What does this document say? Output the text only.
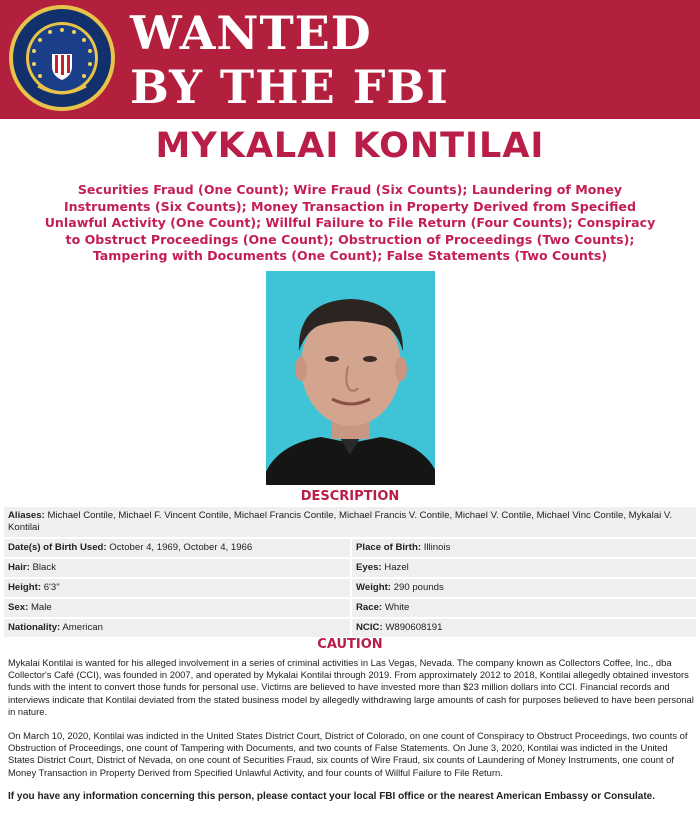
WANTED
BY THE FBI
MYKALAI KONTILAI
Securities Fraud (One Count); Wire Fraud (Six Counts); Laundering of Money
Instruments (Six Counts); Money Transaction in Property Derived from Specified
Unlawful Activity (One Count); Willful Failure to File Return (Four Counts); Conspiracy
to Obstruct Proceedings (One Count); Obstruction of Proceedings (Two Counts);
Tampering with Documents (One Count); False Statements (Two Counts)
DESCRIPTION
Aliases: Michael Contile, Michael F. Vincent Contile, Michael Francis Contile, Michael Francis V. Contile, Michael V. Contile, Michael Vinc Contile, Mykalai V. Kontilai
Date(s) of Birth Used: October 4, 1969, October 4, 1966	Place of Birth: Illinois
Hair: Black	Eyes: Hazel
Height: 6'3"	Weight: 290 pounds
Sex: Male	Race: White
Nationality: American	NCIC: W890608191
CAUTION

Mykalai Kontilai is wanted for his alleged involvement in a series of criminal activities in Las Vegas, Nevada. The company known as Collectors Coffee, Inc., dba Collector's Café (CCI), was founded in 2007, and operated by Mykalai Kontilai through 2019. From approximately 2012 to 2018, Kontilai allegedly obtained investors funds with the intent to convert those funds for personal use. Victims are believed to have invested more than $23 million dollars into CCI. Financial records and interviews indicate that Kontilai deviated from the stated business model by allegedly withdrawing large amounts of cash for purposes believed to have been personal in nature.

On March 10, 2020, Kontilai was indicted in the United States District Court, District of Colorado, on one count of Conspiracy to Obstruct Proceedings, two counts of Obstruction of Proceedings, one count of Tampering with Documents, and two counts of False Statements. On June 3, 2020, Kontilai was indicted in the United States District Court, District of Nevada, on one count of Securities Fraud, six counts of Wire Fraud, six counts of Laundering of Money Instruments, one count of Money Transaction in Property Derived from Specified Unlawful Activity, and four counts of Willful Failure to File Return.

If you have any information concerning this person, please contact your local FBI office or the nearest American Embassy or Consulate.
